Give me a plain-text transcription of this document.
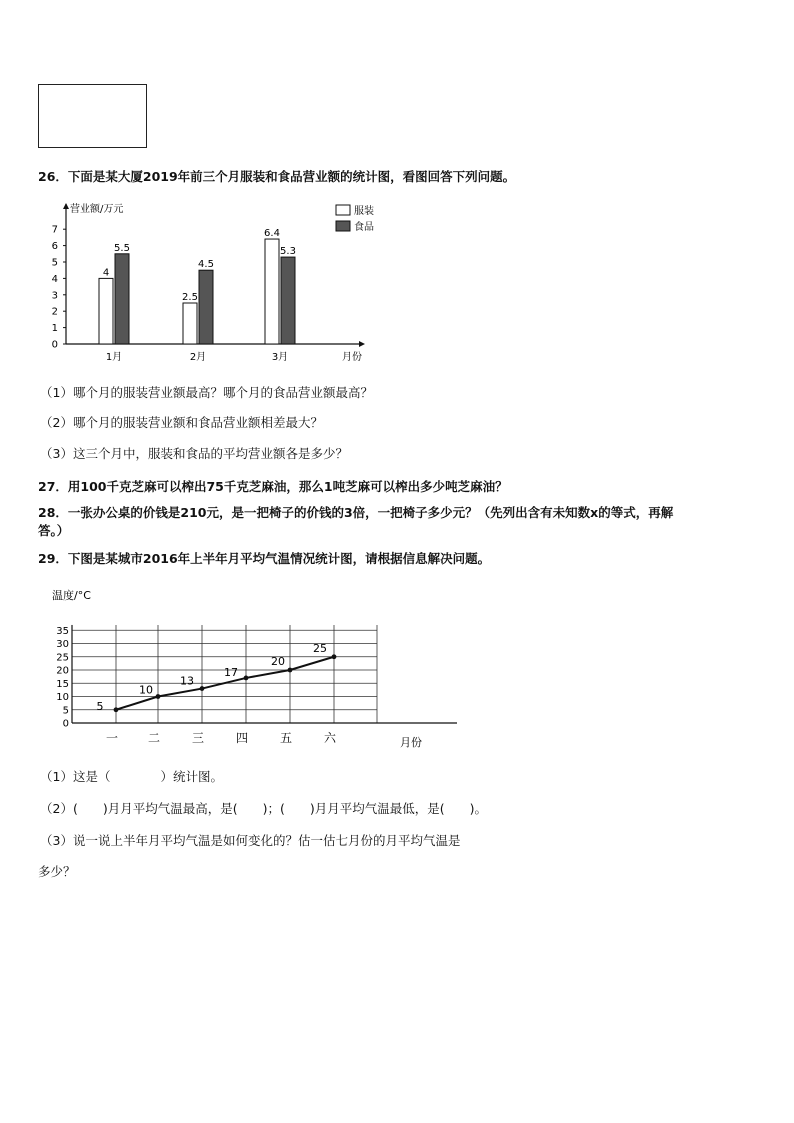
26．下面是某大厦2019年前三个月服装和食品营业额的统计图，看图回答下列问题。
营业额/万元
月份
0
1
2
3
4
5
6
7
1月
4
5.5
2月
2.5
4.5
3月
6.4
5.3
服装
食品
（1）哪个月的服装营业额最高？哪个月的食品营业额最高？
（2）哪个月的服装营业额和食品营业额相差最大？
（3）这三个月中，服装和食品的平均营业额各是多少？
27．用100千克芝麻可以榨出75千克芝麻油，那么1吨芝麻可以榨出多少吨芝麻油？
28．一张办公桌的价钱是210元，是一把椅子的价钱的3倍，一把椅子多少元？（先列出含有未知数x的等式，再解
答。）
29．下图是某城市2016年上半年月平均气温情况统计图，请根据信息解决问题。
温度/°C
0
5
10
15
20
25
30
35
一 二	三	四	五	六	月份
5
10
13
17
20
25
（1）这是（　　　　）统计图。
（2）(　　)月月平均气温最高，是(　　)；(　　)月月平均气温最低，是(　　)。
（3）说一说上半年月平均气温是如何变化的？估一估七月份的月平均气温是
多少？
